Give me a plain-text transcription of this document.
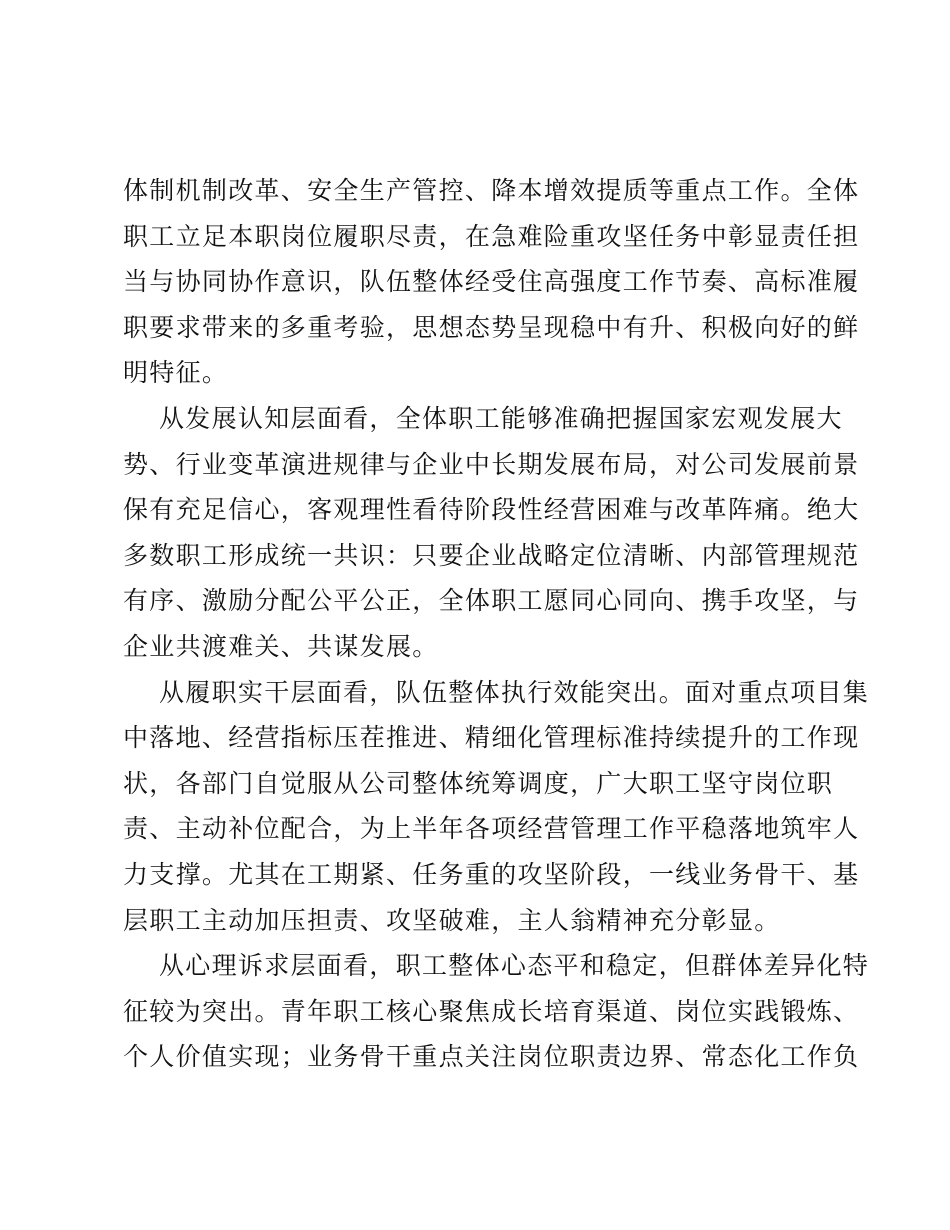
体制机制改革、安全生产管控、降本增效提质等重点工作。全体
职工立足本职岗位履职尽责，在急难险重攻坚任务中彰显责任担
当与协同协作意识，队伍整体经受住高强度工作节奏、高标准履
职要求带来的多重考验，思想态势呈现稳中有升、积极向好的鲜
明特征。
从发展认知层面看，全体职工能够准确把握国家宏观发展大
势、行业变革演进规律与企业中长期发展布局，对公司发展前景
保有充足信心，客观理性看待阶段性经营困难与改革阵痛。绝大
多数职工形成统一共识：只要企业战略定位清晰、内部管理规范
有序、激励分配公平公正，全体职工愿同心同向、携手攻坚，与
企业共渡难关、共谋发展。
从履职实干层面看，队伍整体执行效能突出。面对重点项目集
中落地、经营指标压茬推进、精细化管理标准持续提升的工作现
状，各部门自觉服从公司整体统筹调度，广大职工坚守岗位职
责、主动补位配合，为上半年各项经营管理工作平稳落地筑牢人
力支撑。尤其在工期紧、任务重的攻坚阶段，一线业务骨干、基
层职工主动加压担责、攻坚破难，主人翁精神充分彰显。
从心理诉求层面看，职工整体心态平和稳定，但群体差异化特
征较为突出。青年职工核心聚焦成长培育渠道、岗位实践锻炼、
个人价值实现；业务骨干重点关注岗位职责边界、常态化工作负
